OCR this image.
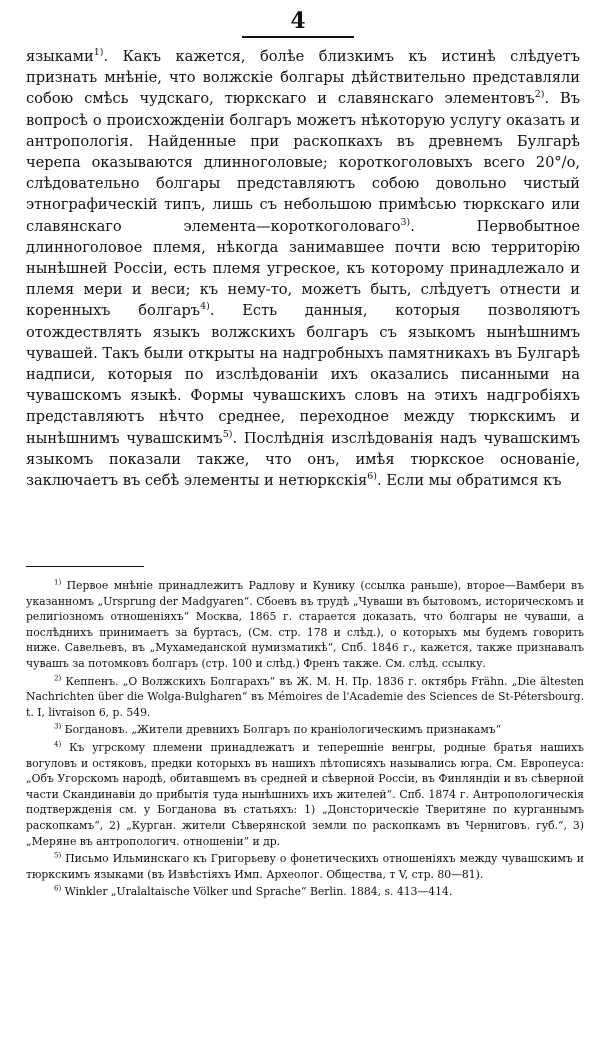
4

языками$^{1)}$. Какъ кажется, болѣе близкимъ къ истинѣ слѣдуетъ признать мнѣніе, что волжскіе болгары дѣйствительно представляли собою смѣсь чудскаго, тюркскаго и славянскаго элементовъ$^{2)}$. Въ вопросѣ о происхожденіи болгаръ можетъ нѣкоторую услугу оказать и антропологія. Найденные при раскопкахъ въ древнемъ Булгарѣ черепа оказываются длинноголовые; короткоголовыхъ всего 20°/о, слѣдовательно болгары представляютъ собою довольно чистый этнографическій типъ, лишь съ небольшою примѣсью тюркскаго или славянскаго элемента—короткоголоваго$^{3)}$. Первобытное длинноголовое племя, нѣкогда занимавшее почти всю территорію нынѣшней Россіи, есть племя угреское, къ которому принадлежало и племя мери и веси; къ нему-то, можетъ быть, слѣдуетъ отнести и коренныхъ болгаръ$^{4)}$. Есть данныя, которыя позволяютъ отождествлять языкъ волжскихъ болгаръ съ языкомъ нынѣшнимъ чувашей. Такъ были открыты на надгробныхъ памятникахъ въ Булгарѣ надписи, которыя по изслѣдованіи ихъ оказались писанными на чувашскомъ языкѣ. Формы чувашскихъ словъ на этихъ надгробіяхъ представляютъ нѣчто среднее, переходное между тюркскимъ и нынѣшнимъ чувашскимъ$^{5)}$. Послѣднія изслѣдованія надъ чувашскимъ языкомъ показали также, что онъ, имѣя тюркское основаніе, заключаетъ въ себѣ элементы и нетюркскія$^{6)}$. Если мы обратимся къ

$^{1)}$ Первое мнѣніе принадлежитъ Радлову и Кунику (ссылка раньше), второе—Вамбери въ указанномъ „Ursprung der Madgyaren“. Сбоевъ въ трудѣ „Чуваши въ бытовомъ, историческомъ и религіозномъ отношеніяхъ“ Москва, 1865 г. старается доказать, что болгары не чуваши, а послѣднихъ принимаетъ за буртасъ, (См. стр. 178 и слѣд.), о которыхъ мы будемъ говорить ниже. Савельевъ, въ „Мухамеданской нумизматикѣ“, Спб. 1846 г., кажется, также признавалъ чувашъ за потомковъ болгаръ (стр. 100 и слѣд.) Френъ также. См. слѣд. ссылку.

$^{2)}$ Кеппенъ. „О Волжскихъ Болгарахъ“ въ Ж. М. Н. Пр. 1836 г. октябрь Frähn. „Die ältesten Nachrichten über die Wolga-Bulgharen“ въ Mémoires de l'Academie des Sciences de St-Pétersbourg. t. I, livraison 6, p. 549.

$^{3)}$ Богдановъ. „Жители древнихъ Болгаръ по краніологическимъ признакамъ“

$^{4)}$ Къ угрскому племени принадлежатъ и теперешніе венгры, родные братья нашихъ вогуловъ и остяковъ, предки которыхъ въ нашихъ лѣтописяхъ назывались югра. См. Европеуса: „Объ Угорскомъ народѣ, обитавшемъ въ средней и сѣверной Россіи, въ Финляндіи и въ сѣверной части Скандинавіи до прибытія туда нынѣшнихъ ихъ жителей“. Спб. 1874 г. Антропологическія подтвержденія см. у Богданова въ статьяхъ: 1) „Донсторическіе Тверитяне по курганнымъ раскопкамъ“, 2) „Курган. жители Сѣверянской земли по раскопкамъ въ Черниговъ. губ.“, 3) „Меряне въ антропологич. отношеніи“ и др.

$^{5)}$ Письмо Ильминскаго къ Григорьеву о фонетическихъ отношеніяхъ между чувашскимъ и тюркскимъ языками (въ Извѣстіяхъ Имп. Археолог. Общества, т V, стр. 80—81).

$^{6)}$ Winkler „Uralaltaische Völker und Sprache“ Berlin. 1884, s. 413—414.
